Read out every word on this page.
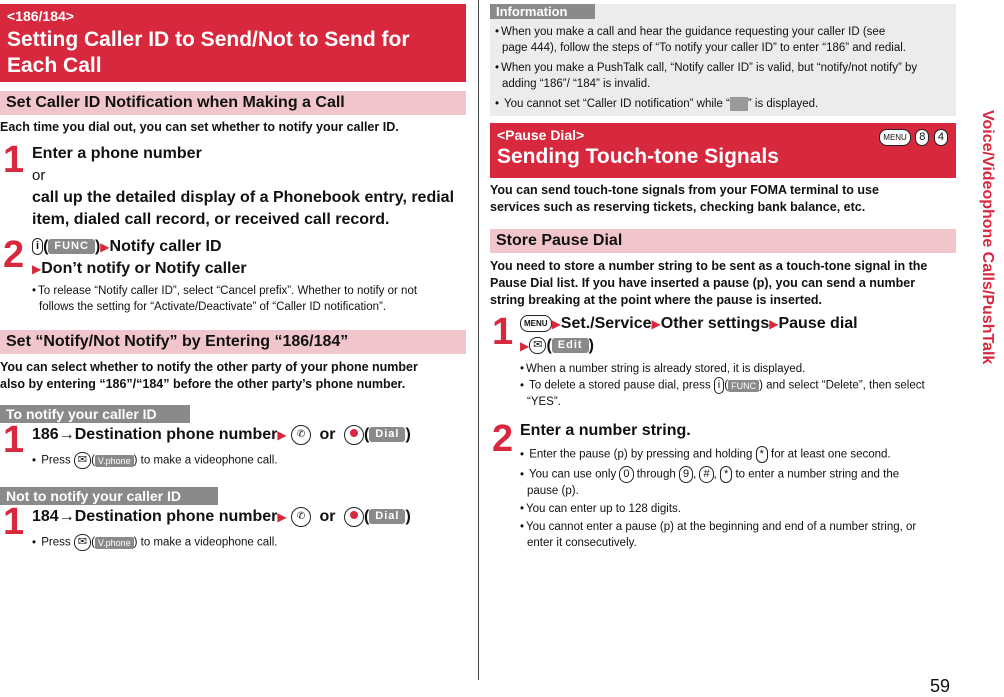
<186/184>
Setting Caller ID to Send/Not to Send for
Each Call
Set Caller ID Notification when Making a Call
Each time you dial out, you can set whether to notify your caller ID.
1 Enter a phone number
or
call up the detailed display of a Phonebook entry, redial
item, dialed call record, or received call record.
2	i ( FUNC )▶Notify caller ID
▶Don’t notify or Notify caller
• To release “Notify caller ID”, select “Cancel prefix”. Whether to notify or not
follows the setting for “Activate/Deactivate” of “Caller ID notification”.
Set “Notify/Not Notify” by Entering “186/184”
You can select whether to notify the other party of your phone number
also by entering “186”/“184” before the other party’s phone number.
To notify your caller ID
1 186→Destination phone number▶ ✆ or ( Dial )
• Press ✉ ( V.phone ) to make a videophone call.
Not to notify your caller ID
1 184→Destination phone number▶ ✆ or ( Dial )
• Press ✉ ( V.phone ) to make a videophone call.
Information
• When you make a call and hear the guidance requesting your caller ID (see
page 444), follow the steps of “To notify your caller ID” to enter “186” and redial.
• When you make a PushTalk call, “Notify caller ID” is valid, but “notify/not notify” by
adding “186”/ “184” is invalid.
• You cannot set “Caller ID notification” while “ ” is displayed.
<Pause Dial>
Sending Touch-tone Signals
MENU 8 4
You can send touch-tone signals from your FOMA terminal to use
services such as reserving tickets, checking bank balance, etc.
Store Pause Dial
You need to store a number string to be sent as a touch-tone signal in the
Pause Dial list. If you have inserted a pause (p), you can send a number
string breaking at the point where the pause is inserted.
1	MENU ▶Set./Service▶Other settings▶Pause dial
▶ ✉ ( Edit )
• When a number string is already stored, it is displayed.
• To delete a stored pause dial, press i ( FUNC ) and select “Delete”, then select
“YES”.
2 Enter a number string.
• Enter the pause (p) by pressing and holding * for at least one second.
• You can use only 0 through 9 , # , * to enter a number string and the
pause (p).
• You can enter up to 128 digits.
• You cannot enter a pause (p) at the beginning and end of a number string, or
enter it consecutively.
Voice/Videophone Calls/PushTalk
59
